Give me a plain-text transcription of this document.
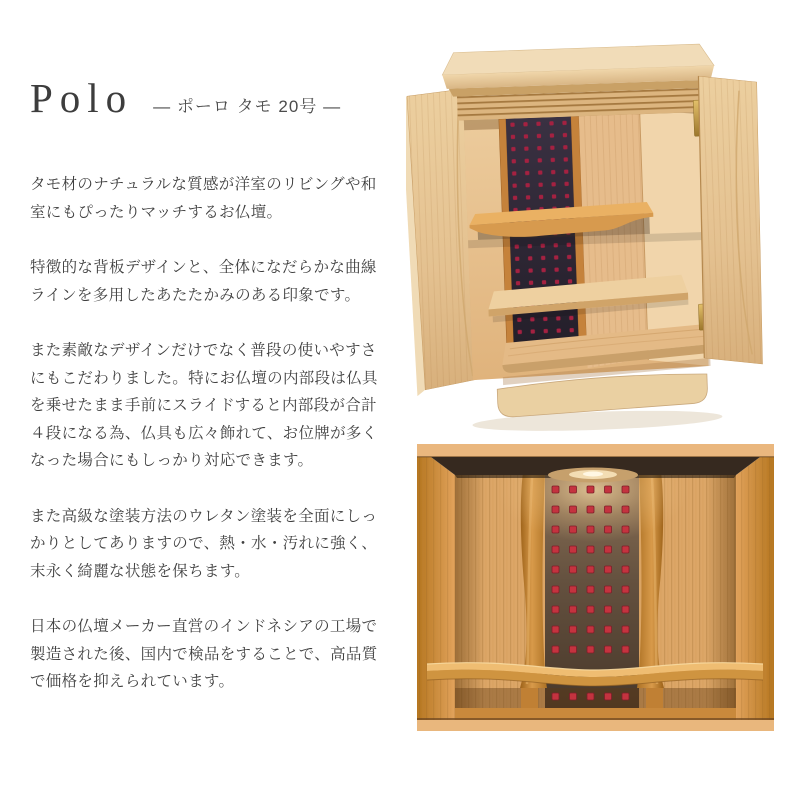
Polo ― ポーロ タモ 20号 ―

タモ材のナチュラルな質感が洋室のリビングや和
室にもぴったりマッチするお仏壇。

特徴的な背板デザインと、全体になだらかな曲線
ラインを多用したあたたかみのある印象です。

また素敵なデザインだけでなく普段の使いやすさ
にもこだわりました。特にお仏壇の内部段は仏具
を乗せたまま手前にスライドすると内部段が合計
４段になる為、仏具も広々飾れて、お位牌が多く
なった場合にもしっかり対応できます。

また高級な塗装方法のウレタン塗装を全面にしっ
かりとしてありますので、熱・水・汚れに強く、
末永く綺麗な状態を保ちます。

日本の仏壇メーカー直営のインドネシアの工場で
製造された後、国内で検品をすることで、高品質
で価格を抑えられています。
